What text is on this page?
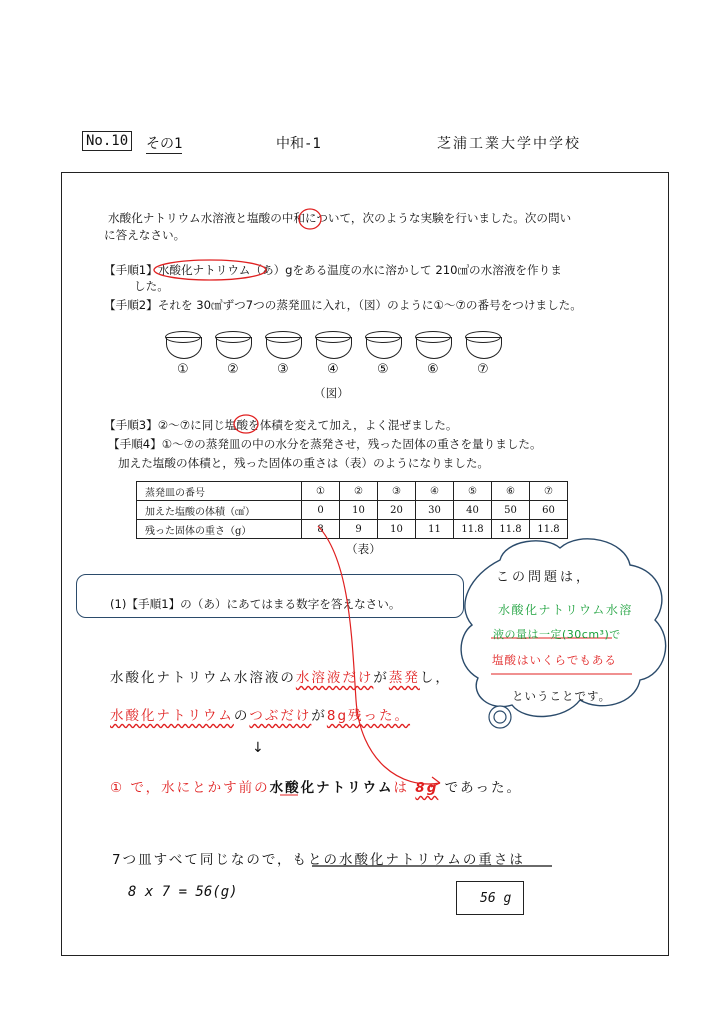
No.10 その1	中和-1	芝浦工業大学中学校
水酸化ナトリウム水溶液と塩酸の中和について，次のような実験を行いました。次の問い
に答えなさい。
【手順1】水酸化ナトリウム（あ）gをある温度の水に溶かして 210㎤の水溶液を作りま
した。
【手順2】それを 30㎤ずつ7つの蒸発皿に入れ，（図）のように①～⑦の番号をつけました。
①	②	③	④	⑤	⑥	⑦
（図）
【手順3】②～⑦に同じ塩酸を体積を変えて加え，よく混ぜました。
【手順4】①～⑦の蒸発皿の中の水分を蒸発させ，残った固体の重さを量りました。
加えた塩酸の体積と，残った固体の重さは（表）のようになりました。
蒸発皿の番号	①	②	③	④	⑤	⑥	⑦
加えた塩酸の体積（㎤）	0	10	20	30	40	50	60
残った固体の重さ（g）	8	9	10	11	11.8	11.8	11.8
（表）
(1)【手順1】の（あ）にあてはまる数字を答えなさい。
この問題は，
水酸化ナトリウム水溶
液の量は一定(30cm³)で
塩酸はいくらでもある
ということです。
水酸化ナトリウム水溶液の水溶液だけが蒸発し，
水酸化ナトリウムのつぶだけが8g残った。
↓
① で，水にとかす前の水酸化ナトリウムは 8g であった。
7つ皿すべて同じなので，もとの水酸化ナトリウムの重さは
8 x 7 = 56(g)	56 g
